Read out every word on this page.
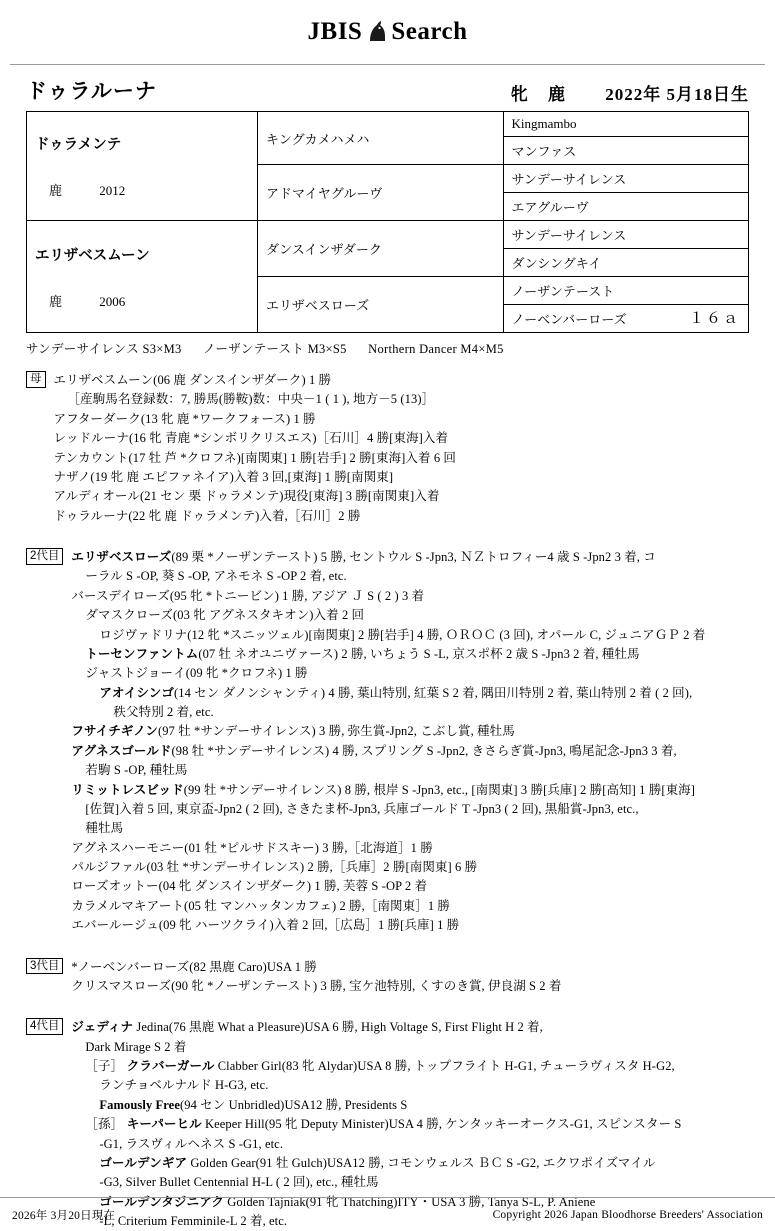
JBIS Search
ドゥラルーナ	牝 鹿 2022年 5月18日生
ドゥラメンテ
鹿 2012	キングカメハメハ	Kingmambo
		マンファス
	アドマイヤグルーヴ	サンデーサイレンス
		エアグルーヴ

エリザベスムーン
鹿 2006	ダンスインザダーク	サンデーサイレンス
		ダンシングキイ
	エリザベスローズ	ノーザンテースト
		ノーベンバーローズ １６ａ
サンデーサイレンス S3×M3 ノーザンテースト M3×S5 Northern Dancer M4×M5
母 エリザベスムーン(06 鹿 ダンスインザダーク) 1 勝
［産駒馬名登録数：7, 勝馬(勝鞍)数：中央－1 ( 1 ), 地方－5 (13)］
アフターダーク(13 牝 鹿 *ワークフォース) 1 勝
レッドルーナ(16 牝 青鹿 *シンボリクリスエス)［石川］4 勝[東海]入着
テンカウント(17 牡 芦 *クロフネ)[南関東] 1 勝[岩手] 2 勝[東海]入着 6 回
ナザノ(19 牝 鹿 エピファネイア)入着 3 回,[東海] 1 勝[南関東]
アルディオール(21 セン 栗 ドゥラメンテ)現役[東海] 3 勝[南関東]入着
ドゥラルーナ(22 牝 鹿 ドゥラメンテ)入着,［石川］2 勝
2代目 エリザベスローズ(89 栗 *ノーザンテースト) 5 勝, セントウル S -Jpn3, ＮＺトロフィー4 歳 S -Jpn2 3 着, コ
ーラル S -OP, 葵 S -OP, アネモネ S -OP 2 着, etc.
バースデイローズ(95 牝 *トニービン) 1 勝, アジア Ｊ S ( 2 ) 3 着
ダマスクローズ(03 牝 アグネスタキオン)入着 2 回
ロジヴァドリナ(12 牝 *スニッツェル)[南関東] 2 勝[岩手] 4 勝, ＯＲＯＣ (3 回), オパール C, ジュニアＧＰ 2 着
トーセンファントム(07 牡 ネオユニヴァース) 2 勝, いちょう S -L, 京スポ杯 2 歳 S -Jpn3 2 着, 種牡馬
ジャストジョーイ(09 牝 *クロフネ) 1 勝
アオイシンゴ(14 セン ダノンシャンティ) 4 勝, 葉山特別, 紅葉 S 2 着, 隅田川特別 2 着, 葉山特別 2 着 ( 2 回),
秩父特別 2 着, etc.
フサイチギノン(97 牡 *サンデーサイレンス) 3 勝, 弥生賞-Jpn2, こぶし賞, 種牡馬
アグネスゴールド(98 牡 *サンデーサイレンス) 4 勝, スプリング S -Jpn2, きさらぎ賞-Jpn3, 鳴尾記念-Jpn3 3 着,
若駒 S -OP, 種牡馬
リミットレスビッド(99 牡 *サンデーサイレンス) 8 勝, 根岸 S -Jpn3, etc., [南関東] 3 勝[兵庫] 2 勝[高知] 1 勝[東海]
[佐賀]入着 5 回, 東京盃-Jpn2 ( 2 回), さきたま杯-Jpn3, 兵庫ゴールド T -Jpn3 ( 2 回), 黒船賞-Jpn3, etc.,
種牡馬
アグネスハーモニー(01 牡 *ピルサドスキー) 3 勝,［北海道］1 勝
パルジファル(03 牡 *サンデーサイレンス) 2 勝,［兵庫］2 勝[南関東] 6 勝
ローズオットー(04 牝 ダンスインザダーク) 1 勝, 芙蓉 S -OP 2 着
カラメルマキアート(05 牡 マンハッタンカフェ) 2 勝,［南関東］1 勝
エバールージュ(09 牝 ハーツクライ)入着 2 回,［広島］1 勝[兵庫] 1 勝
3代目 *ノーベンバーローズ(82 黒鹿 Caro)USA 1 勝
クリスマスローズ(90 牝 *ノーザンテースト) 3 勝, 宝ケ池特別, くすのき賞, 伊良湖 S 2 着
4代目 ジェディナ Jedina(76 黒鹿 What a Pleasure)USA 6 勝, High Voltage S, First Flight H 2 着,
Dark Mirage S 2 着
［子］ クラバーガール Clabber Girl(83 牝 Alydar)USA 8 勝, トップフライト H-G1, チューラヴィスタ H-G2,
ランチョベルナルド H-G3, etc.
Famously Free(94 セン Unbridled)USA12 勝, Presidents S
［孫］ キーパーヒル Keeper Hill(95 牝 Deputy Minister)USA 4 勝, ケンタッキーオークス-G1, スピンスター S
-G1, ラスヴィルヘネス S -G1, etc.
ゴールデンギア Golden Gear(91 牡 Gulch)USA12 勝, コモンウェルス ＢＣ S -G2, エクワポイズマイル
-G3, Silver Bullet Centennial H-L ( 2 回), etc., 種牡馬
ゴールデンタジニアク Golden Tajniak(91 牝 Thatching)ITY・USA 3 勝, Tanya S-L, P. Aniene
-L, Criterium Femminile-L 2 着, etc.
2026年 3月20日現在	Copyright 2026 Japan Bloodhorse Breeders' Association
